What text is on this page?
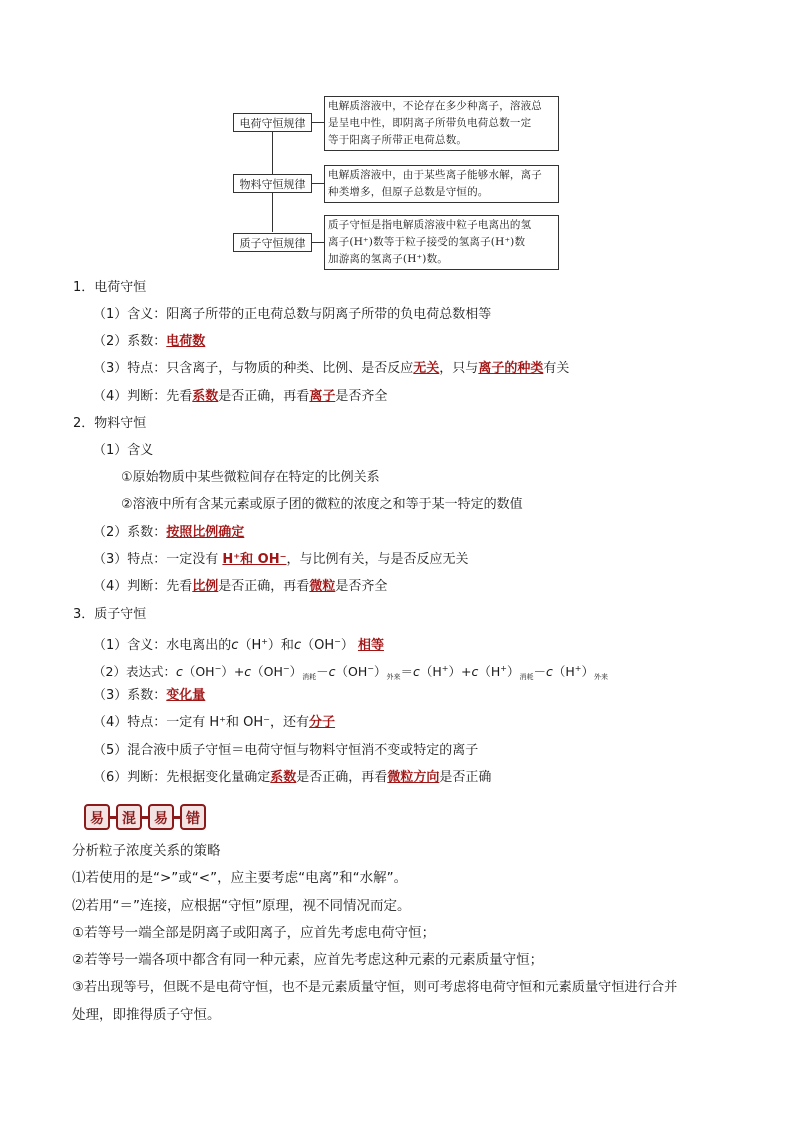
电荷守恒规律
电解质溶液中，不论存在多少种离子，溶液总
是呈电中性，即阴离子所带负电荷总数一定
等于阳离子所带正电荷总数。
物料守恒规律
电解质溶液中，由于某些离子能够水解，离子
种类增多，但原子总数是守恒的。
质子守恒规律
质子守恒是指电解质溶液中粒子电离出的氢
离子(H⁺)数等于粒子接受的氢离子(H⁺)数
加游离的氢离子(H⁺)数。
1．电荷守恒
（1）含义：阳离子所带的正电荷总数与阴离子所带的负电荷总数相等
（2）系数：电荷数
（3）特点：只含离子，与物质的种类、比例、是否反应无关，只与离子的种类有关
（4）判断：先看系数是否正确，再看离子是否齐全
2．物料守恒
（1）含义
①原始物质中某些微粒间存在特定的比例关系
②溶液中所有含某元素或原子团的微粒的浓度之和等于某一特定的数值
（2）系数：按照比例确定
（3）特点：一定没有 H⁺和 OH⁻，与比例有关，与是否反应无关
（4）判断：先看比例是否正确，再看微粒是否齐全
3．质子守恒
（1）含义：水电离出的c（H+）和c（OH−） 相等
（2）表达式：$c(OH^-)+c(OH^-)_{消耗}-c(OH^-)_{外来}=c(H^+)+c(H^+)_{消耗}-c(H^+)_{外来}$
（3）系数：变化量
（4）特点：一定有 H⁺和 OH⁻，还有分子
（5）混合液中质子守恒＝电荷守恒与物料守恒消不变或特定的离子
（6）判断：先根据变化量确定系数是否正确，再看微粒方向是否正确
易	混	易	错
分析粒子浓度关系的策略
⑴若使用的是“>”或“<”，应主要考虑“电离”和“水解”。
⑵若用“＝”连接，应根据“守恒”原理，视不同情况而定。
①若等号一端全部是阴离子或阳离子，应首先考虑电荷守恒；
②若等号一端各项中都含有同一种元素，应首先考虑这种元素的元素质量守恒；
③若出现等号，但既不是电荷守恒，也不是元素质量守恒，则可考虑将电荷守恒和元素质量守恒进行合并
处理，即推得质子守恒。
